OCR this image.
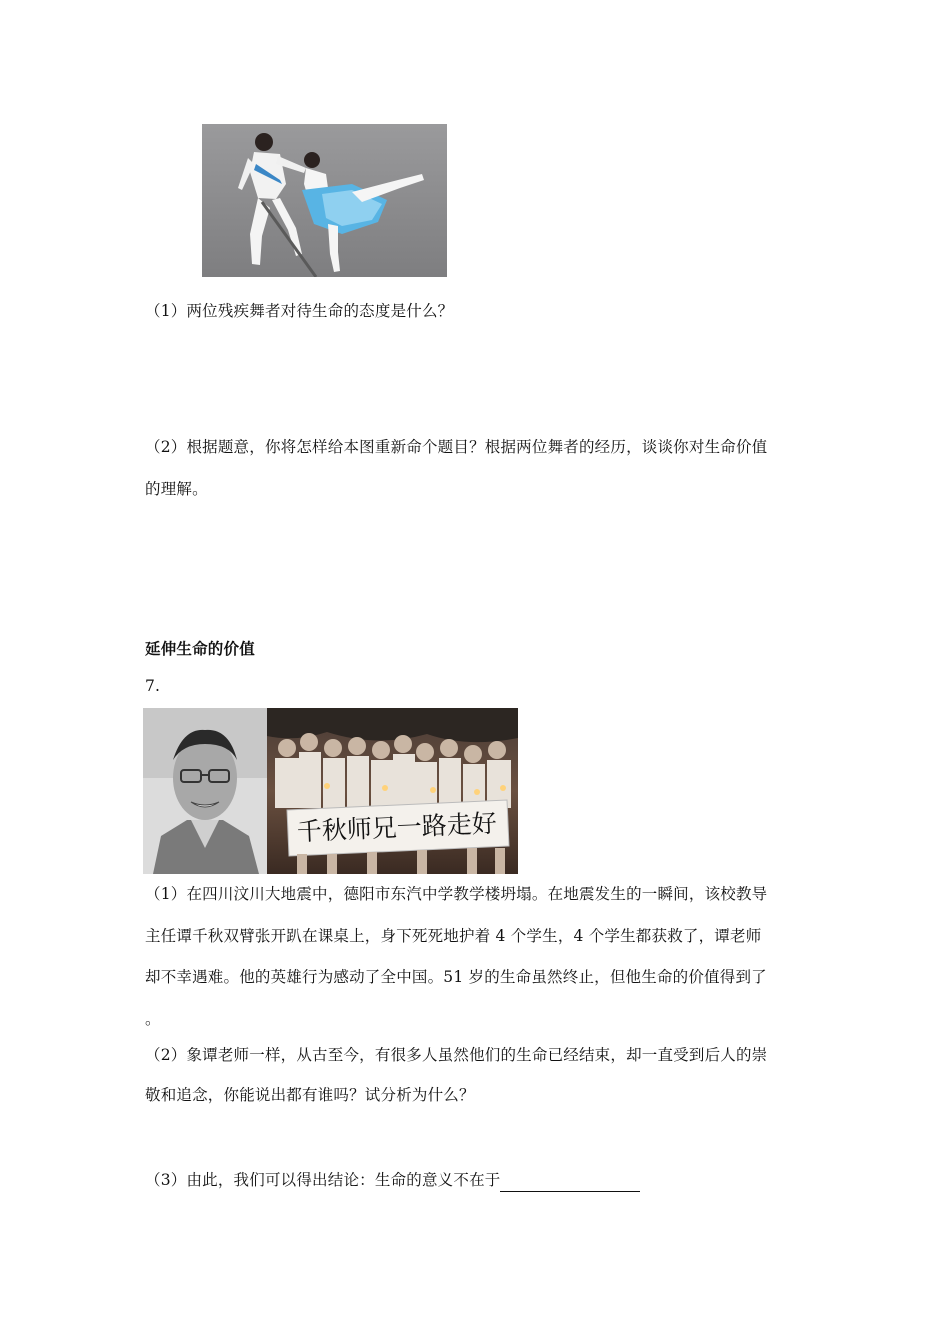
（1）两位残疾舞者对待生命的态度是什么？
（2）根据题意，你将怎样给本图重新命个题目？根据两位舞者的经历，谈谈你对生命价值
的理解。
延伸生命的价值
7.
千秋师兄一路走好
（1）在四川汶川大地震中，德阳市东汽中学教学楼坍塌。在地震发生的一瞬间，该校教导
主任谭千秋双臂张开趴在课桌上，身下死死地护着 4 个学生，4 个学生都获救了，谭老师
却不幸遇难。他的英雄行为感动了全中国。51 岁的生命虽然终止，但他生命的价值得到了
。
（2）象谭老师一样，从古至今，有很多人虽然他们的生命已经结束，却一直受到后人的崇
敬和追念，你能说出都有谁吗？试分析为什么？
（3）由此，我们可以得出结论：生命的意义不在于
